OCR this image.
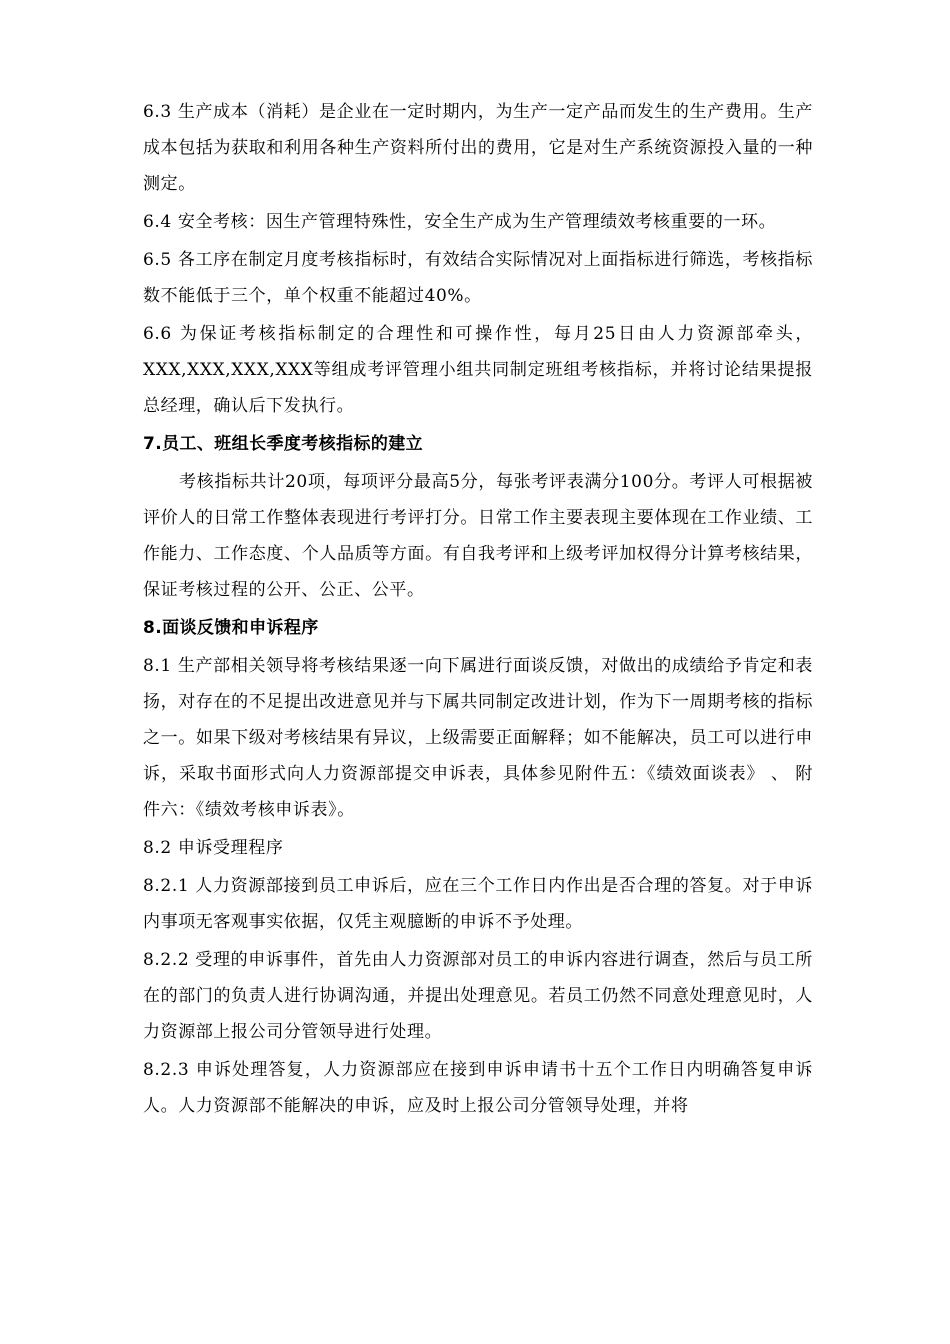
6.3 生产成本（消耗）是企业在一定时期内，为生产一定产品而发生的生产费用。生产成本包括为获取和利用各种生产资料所付出的费用，它是对生产系统资源投入量的一种测定。

6.4 安全考核：因生产管理特殊性，安全生产成为生产管理绩效考核重要的一环。

6.5 各工序在制定月度考核指标时，有效结合实际情况对上面指标进行筛选，考核指标数不能低于三个，单个权重不能超过40%。

6.6 为保证考核指标制定的合理性和可操作性，每月25日由人力资源部牵头，XXX,XXX,XXX,XXX等组成考评管理小组共同制定班组考核指标，并将讨论结果提报总经理，确认后下发执行。

7.员工、班组长季度考核指标的建立

考核指标共计20项，每项评分最高5分，每张考评表满分100分。考评人可根据被评价人的日常工作整体表现进行考评打分。日常工作主要表现主要体现在工作业绩、工作能力、工作态度、个人品质等方面。有自我考评和上级考评加权得分计算考核结果，保证考核过程的公开、公正、公平。

8.面谈反馈和申诉程序

8.1 生产部相关领导将考核结果逐一向下属进行面谈反馈，对做出的成绩给予肯定和表扬，对存在的不足提出改进意见并与下属共同制定改进计划，作为下一周期考核的指标之一。如果下级对考核结果有异议，上级需要正面解释；如不能解决，员工可以进行申诉，采取书面形式向人力资源部提交申诉表，具体参见附件五：《绩效面谈表》 、 附件六：《绩效考核申诉表》。

8.2 申诉受理程序

8.2.1 人力资源部接到员工申诉后，应在三个工作日内作出是否合理的答复。对于申诉内事项无客观事实依据，仅凭主观臆断的申诉不予处理。

8.2.2 受理的申诉事件，首先由人力资源部对员工的申诉内容进行调查，然后与员工所在的部门的负责人进行协调沟通，并提出处理意见。若员工仍然不同意处理意见时，人力资源部上报公司分管领导进行处理。

8.2.3 申诉处理答复，人力资源部应在接到申诉申请书十五个工作日内明确答复申诉人。人力资源部不能解决的申诉，应及时上报公司分管领导处理，并将
